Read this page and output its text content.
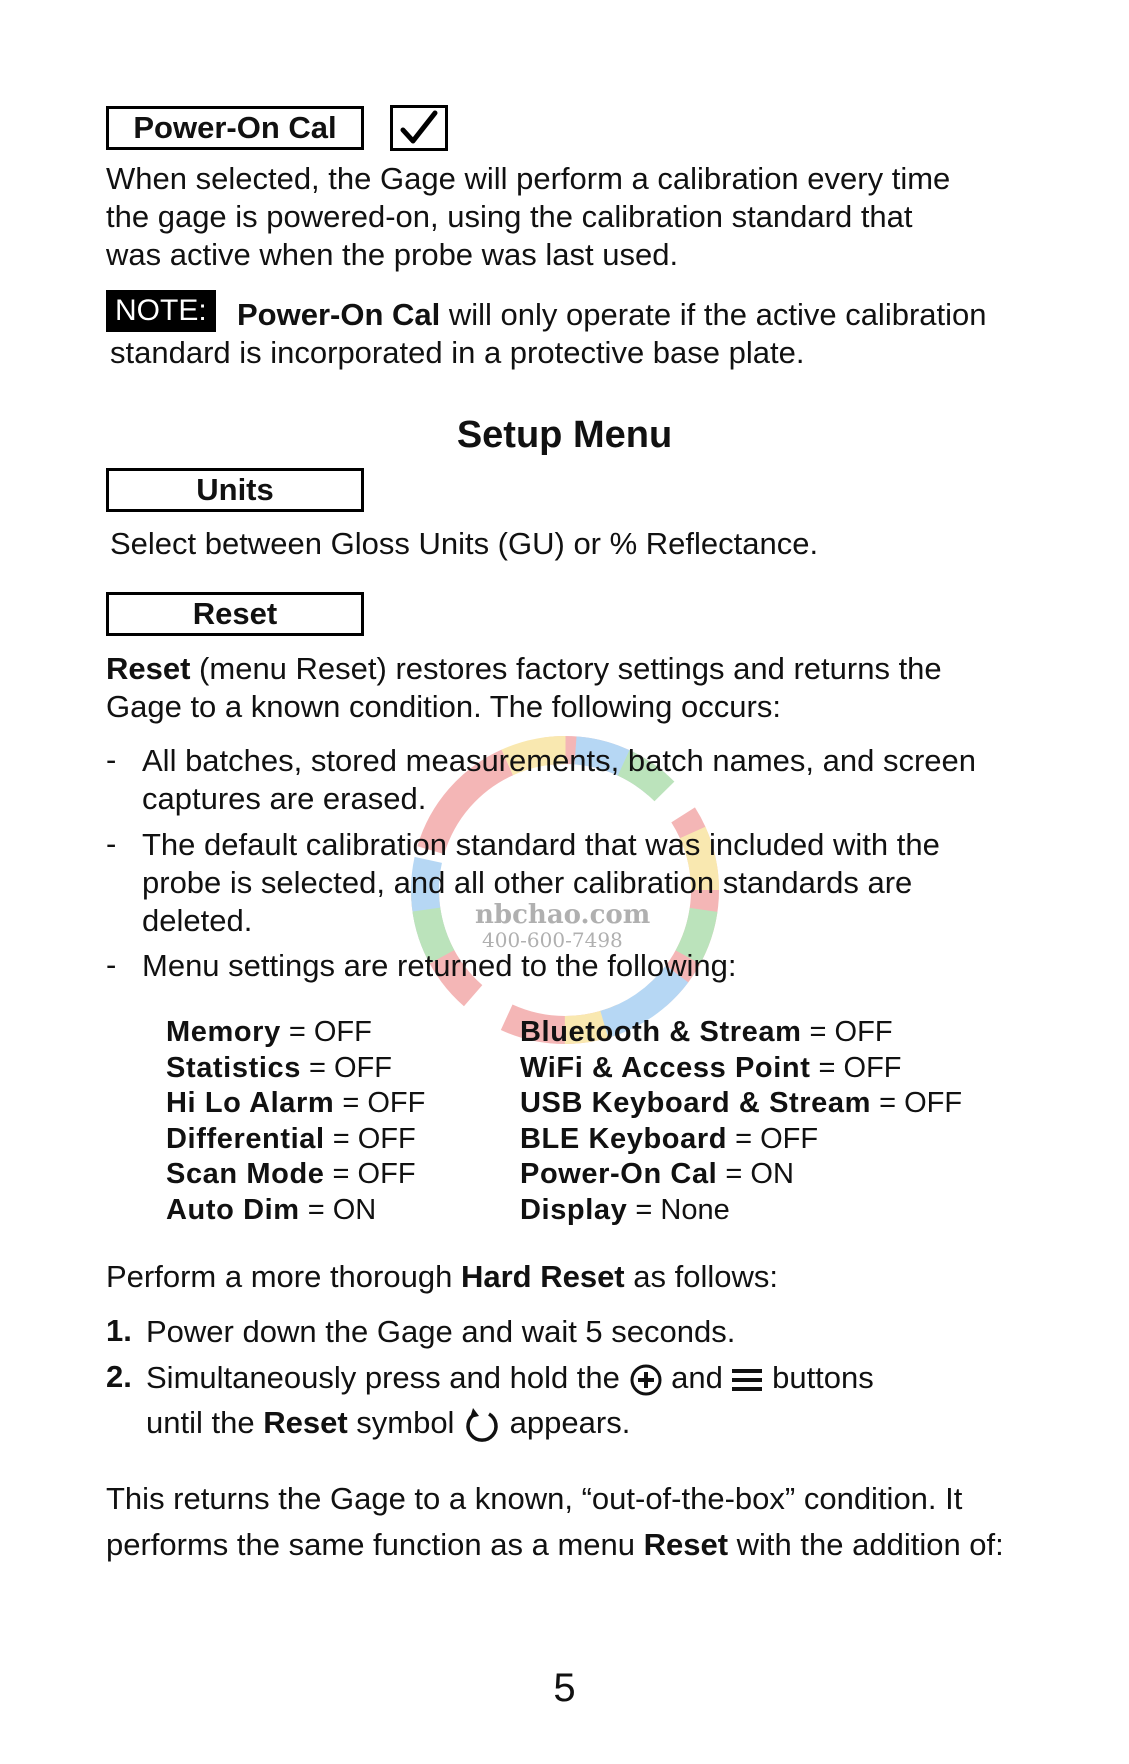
nbchao.com
400-600-7498
Power-On Cal
When selected, the Gage will perform a calibration every time
the gage is powered-on, using the calibration standard that
was active when the probe was last used.
NOTE: Power-On Cal will only operate if the active calibration
standard is incorporated in a protective base plate.
Setup Menu
Units
Select between Gloss Units (GU) or % Reflectance.
Reset
Reset (menu Reset) restores factory settings and returns the
Gage to a known condition. The following occurs:
- All batches, stored measurements, batch names, and screen
captures are erased.
- The default calibration standard that was included with the
probe is selected, and all other calibration standards are
deleted.
- Menu settings are returned to the following:
Memory = OFF
Statistics = OFF
Hi Lo Alarm = OFF
Differential = OFF
Scan Mode = OFF
Auto Dim = ON
Bluetooth & Stream = OFF
WiFi & Access Point = OFF
USB Keyboard & Stream = OFF
BLE Keyboard = OFF
Power-On Cal = ON
Display = None
Perform a more thorough Hard Reset as follows:
1. Power down the Gage and wait 5 seconds.
2. Simultaneously press and hold the  and  buttons
until the Reset symbol  appears.
This returns the Gage to a known, “out-of-the-box” condition. It
performs the same function as a menu Reset with the addition of:
5
